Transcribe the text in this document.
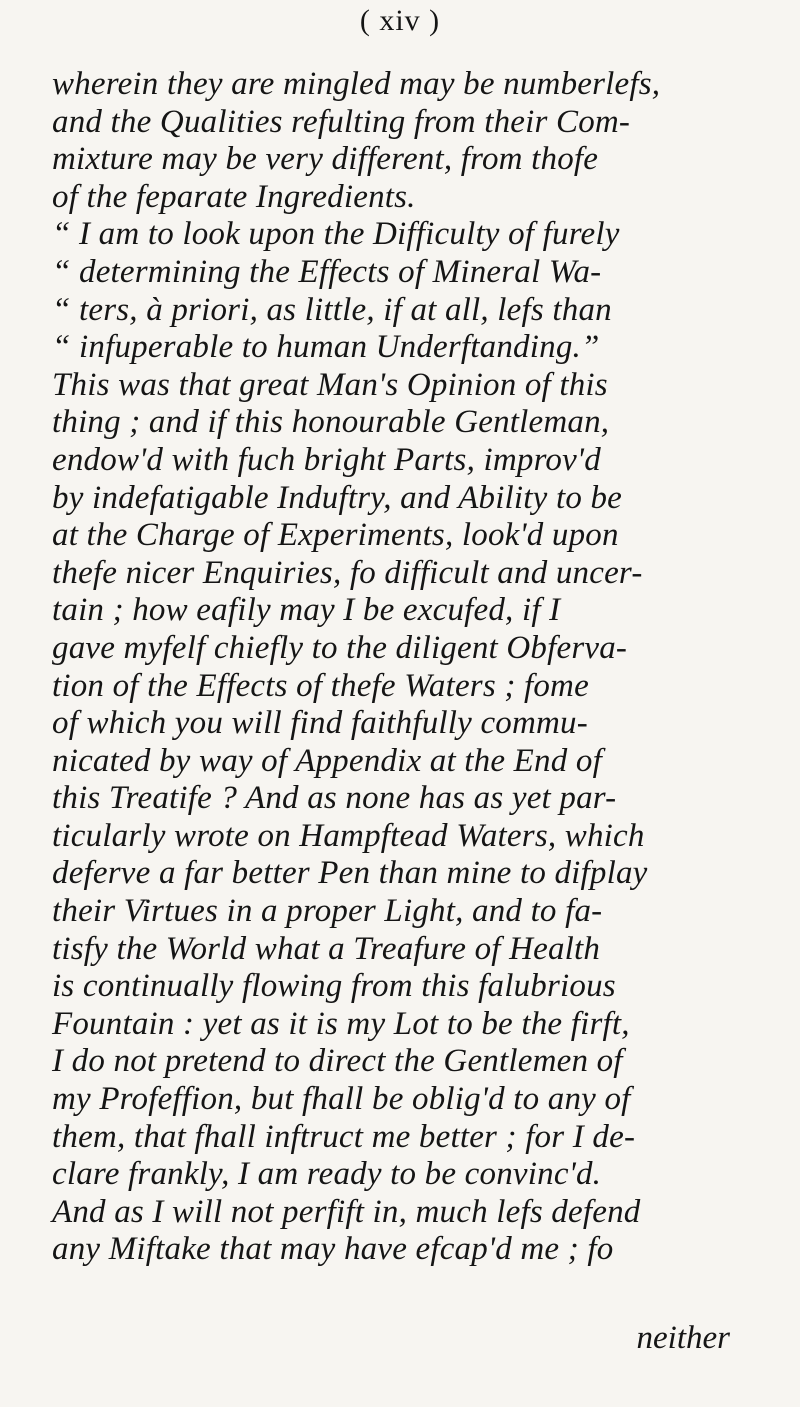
( xiv )
wherein they are mingled may be numberlefs,
and the Qualities refulting from their Com-
mixture may be very different, from thofe
of the feparate Ingredients.
“ I am to look upon the Difficulty of furely
“ determining the Effects of Mineral Wa-
“ ters, à priori, as little, if at all, lefs than
“ infuperable to human Underftanding.”
This was that great Man's Opinion of this
thing ; and if this honourable Gentleman,
endow'd with fuch bright Parts, improv'd
by indefatigable Induftry, and Ability to be
at the Charge of Experiments, look'd upon
thefe nicer Enquiries, fo difficult and uncer-
tain ; how eafily may I be excufed, if I
gave myfelf chiefly to the diligent Obferva-
tion of the Effects of thefe Waters ; fome
of which you will find faithfully commu-
nicated by way of Appendix at the End of
this Treatife ? And as none has as yet par-
ticularly wrote on Hampftead Waters, which
deferve a far better Pen than mine to difplay
their Virtues in a proper Light, and to fa-
tisfy the World what a Treafure of Health
is continually flowing from this falubrious
Fountain : yet as it is my Lot to be the firft,
I do not pretend to direct the Gentlemen of
my Profeffion, but fhall be oblig'd to any of
them, that fhall inftruct me better ; for I de-
clare frankly, I am ready to be convinc'd.
And as I will not perfift in, much lefs defend
any Miftake that may have efcap'd me ; fo
neither
